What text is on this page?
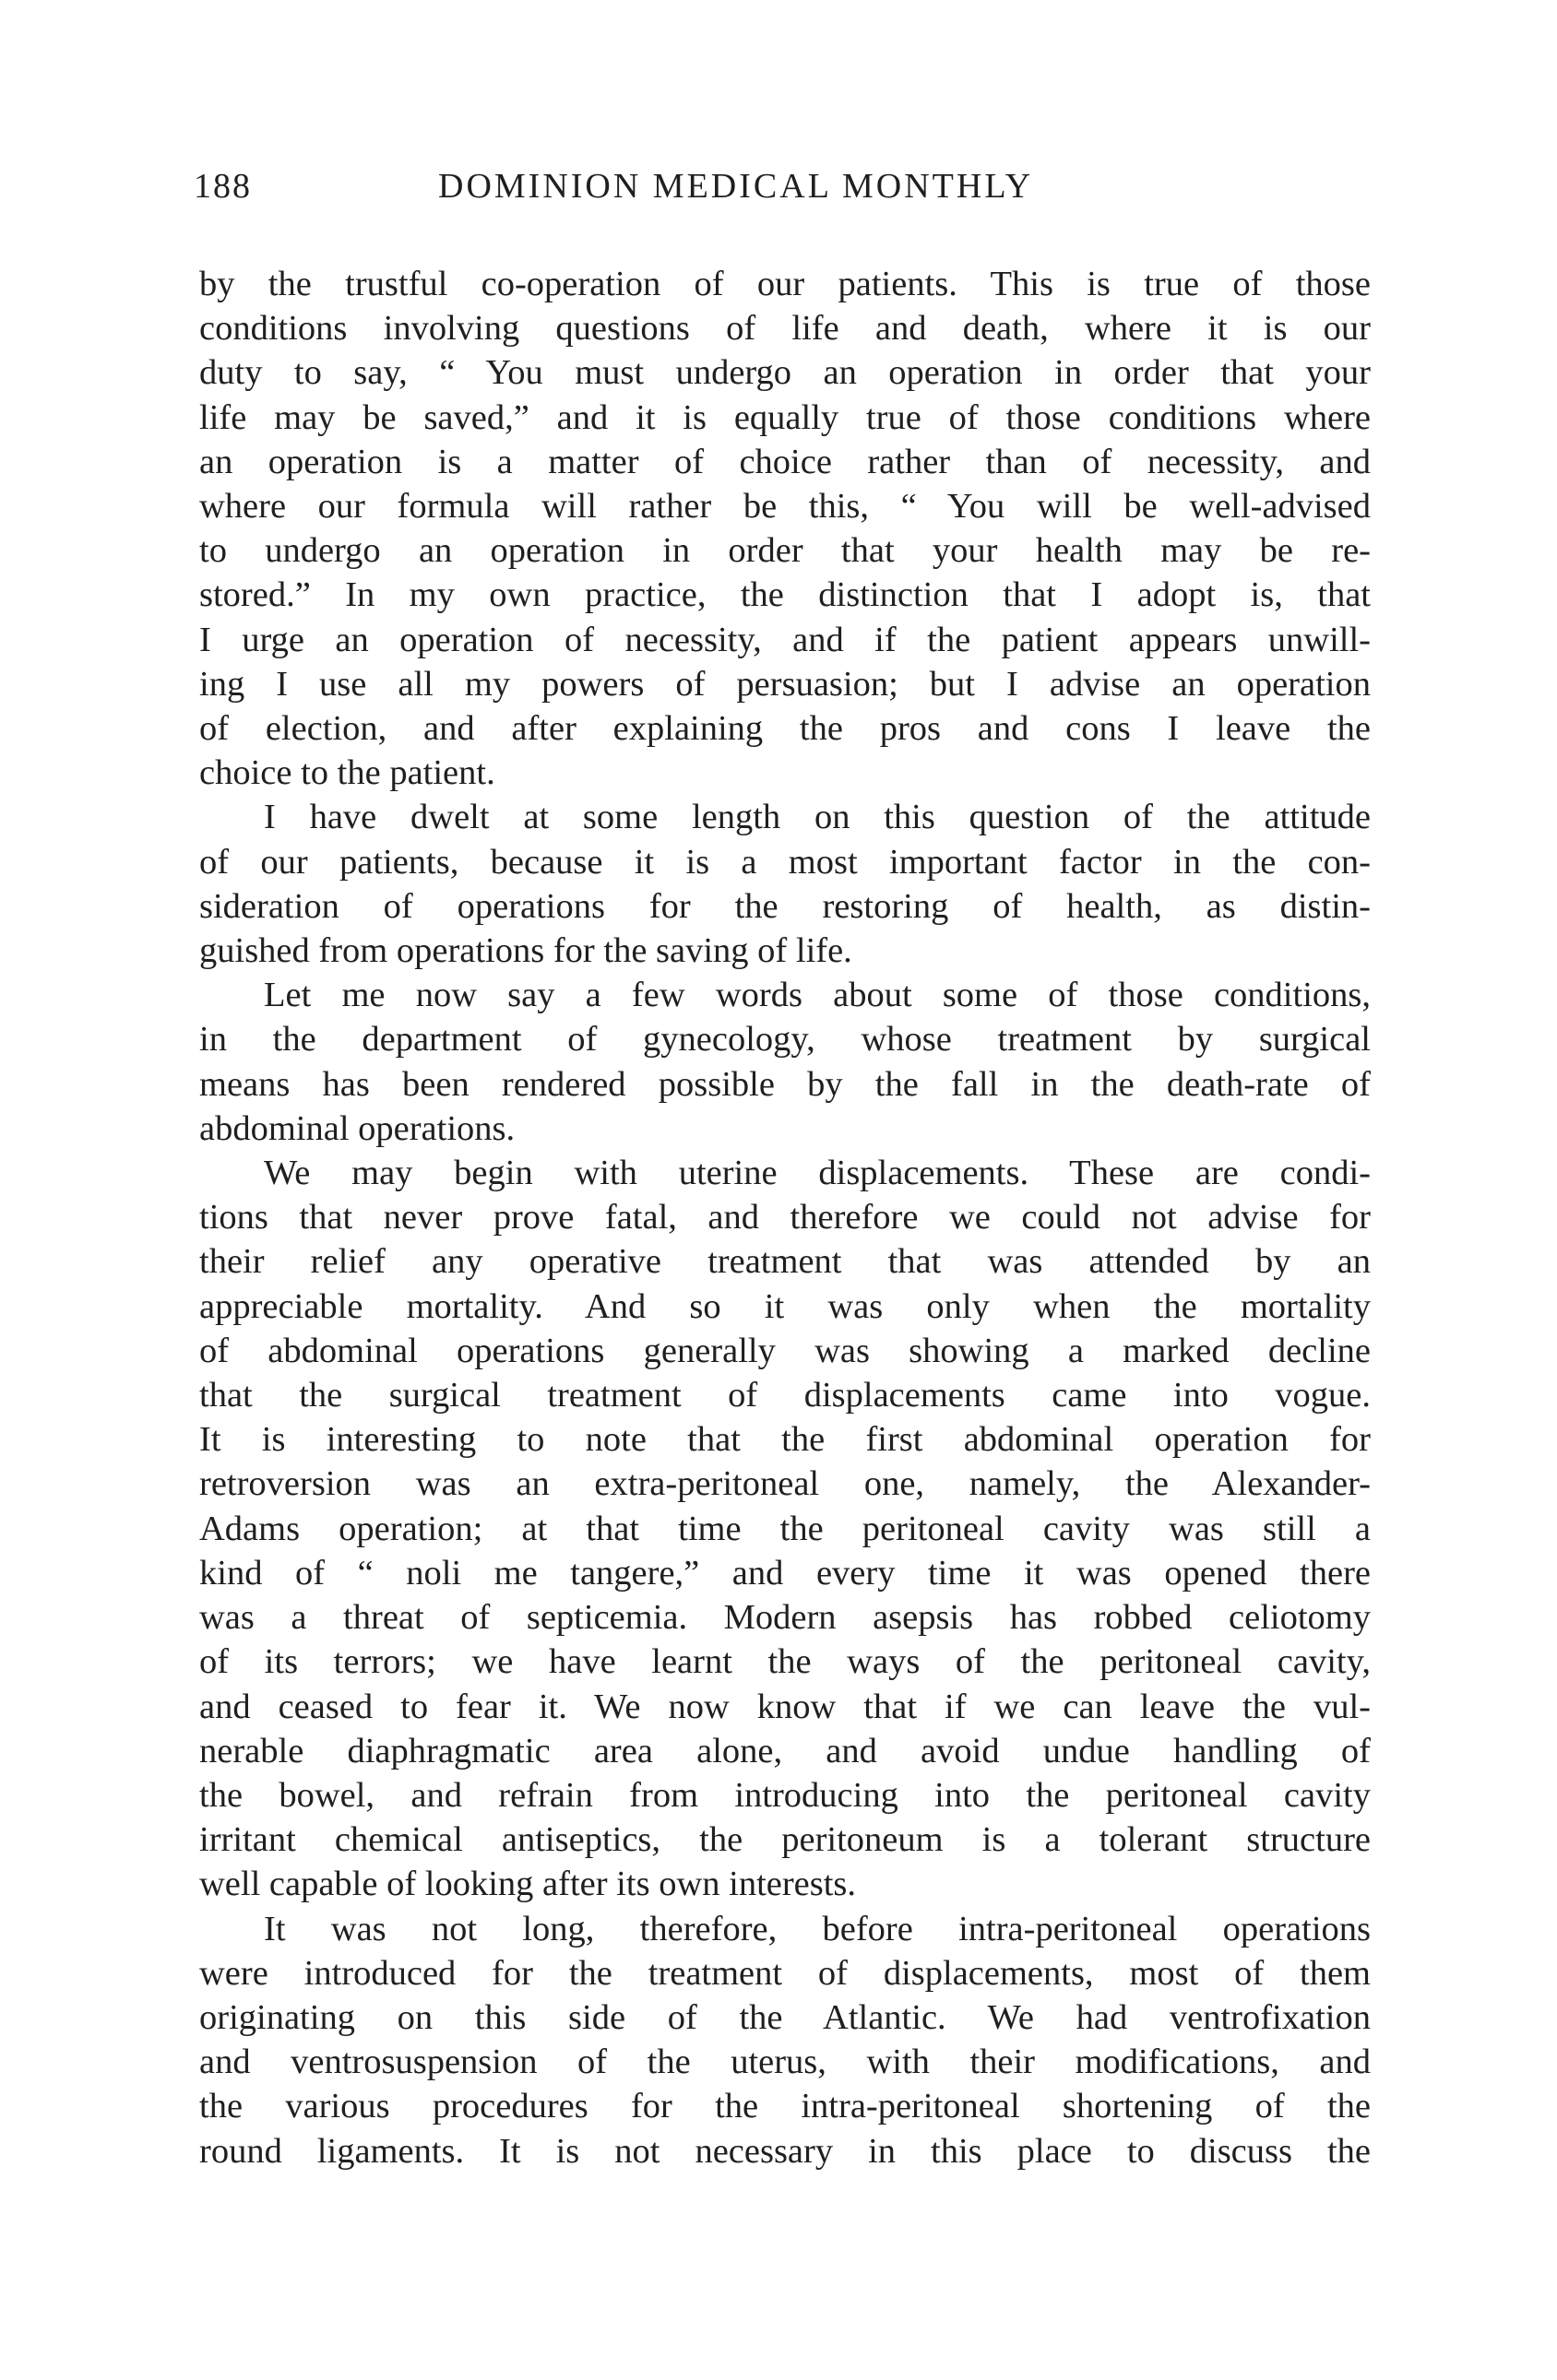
188	DOMINION MEDICAL MONTHLY
by the trustful co-operation of our patients. This is true of those
conditions involving questions of life and death, where it is our
duty to say, “ You must undergo an operation in order that your
life may be saved,” and it is equally true of those conditions where
an operation is a matter of choice rather than of necessity, and
where our formula will rather be this, “ You will be well-advised
to undergo an operation in order that your health may be re-
stored.” In my own practice, the distinction that I adopt is, that
I urge an operation of necessity, and if the patient appears unwill-
ing I use all my powers of persuasion; but I advise an operation
of election, and after explaining the pros and cons I leave the
choice to the patient.
I have dwelt at some length on this question of the attitude
of our patients, because it is a most important factor in the con-
sideration of operations for the restoring of health, as distin-
guished from operations for the saving of life.
Let me now say a few words about some of those conditions,
in the department of gynecology, whose treatment by surgical
means has been rendered possible by the fall in the death-rate of
abdominal operations.
We may begin with uterine displacements. These are condi-
tions that never prove fatal, and therefore we could not advise for
their relief any operative treatment that was attended by an
appreciable mortality. And so it was only when the mortality
of abdominal operations generally was showing a marked decline
that the surgical treatment of displacements came into vogue.
It is interesting to note that the first abdominal operation for
retroversion was an extra-peritoneal one, namely, the Alexander-
Adams operation; at that time the peritoneal cavity was still a
kind of “ noli me tangere,” and every time it was opened there
was a threat of septicemia. Modern asepsis has robbed celiotomy
of its terrors; we have learnt the ways of the peritoneal cavity,
and ceased to fear it. We now know that if we can leave the vul-
nerable diaphragmatic area alone, and avoid undue handling of
the bowel, and refrain from introducing into the peritoneal cavity
irritant chemical antiseptics, the peritoneum is a tolerant structure
well capable of looking after its own interests.
It was not long, therefore, before intra-peritoneal operations
were introduced for the treatment of displacements, most of them
originating on this side of the Atlantic. We had ventrofixation
and ventrosuspension of the uterus, with their modifications, and
the various procedures for the intra-peritoneal shortening of the
round ligaments. It is not necessary in this place to discuss the
